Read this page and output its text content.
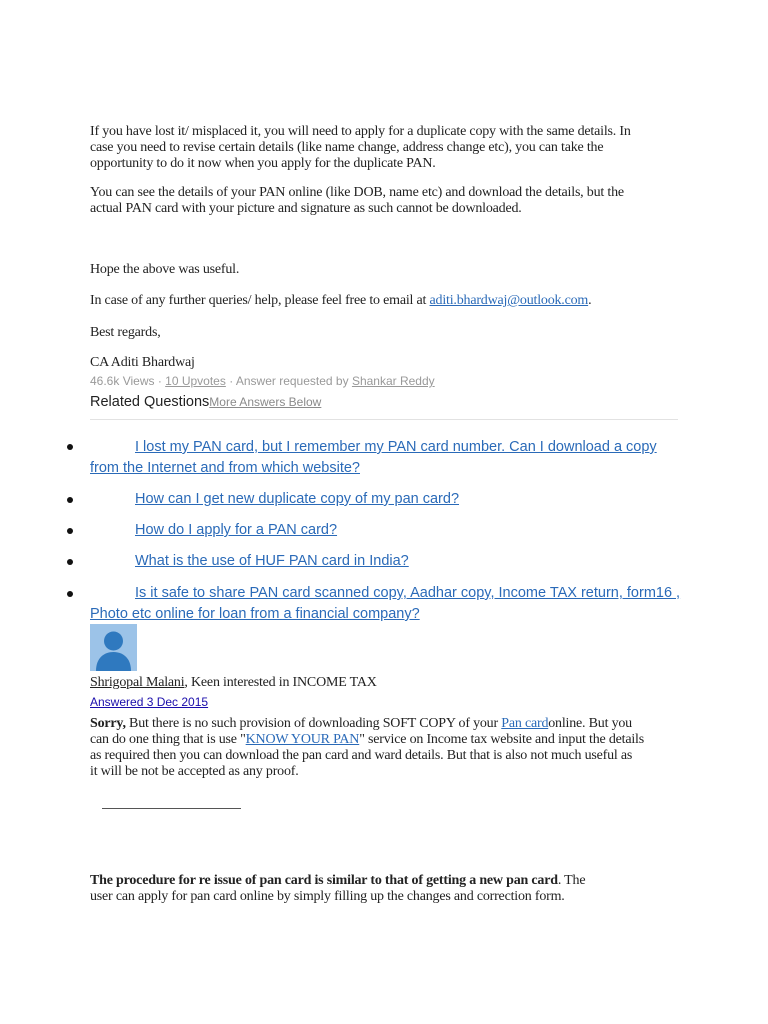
If you have lost it/ misplaced it, you will need to apply for a duplicate copy with the same details. In
case you need to revise certain details (like name change, address change etc), you can take the
opportunity to do it now when you apply for the duplicate PAN.
You can see the details of your PAN online (like DOB, name etc) and download the details, but the
actual PAN card with your picture and signature as such cannot be downloaded.
Hope the above was useful.
In case of any further queries/ help, please feel free to email at aditi.bhardwaj@outlook.com.
Best regards,
CA Aditi Bhardwaj
46.6k Views · 10 Upvotes · Answer requested by Shankar Reddy
Related QuestionsMore Answers Below
I lost my PAN card, but I remember my PAN card number. Can I download a copy
from the Internet and from which website?
How can I get new duplicate copy of my pan card?
How do I apply for a PAN card?
What is the use of HUF PAN card in India?
Is it safe to share PAN card scanned copy, Aadhar copy, Income TAX return, form16 ,
Photo etc online for loan from a financial company?
Shrigopal Malani, Keen interested in INCOME TAX
Answered 3 Dec 2015
Sorry, But there is no such provision of downloading SOFT COPY of your Pan cardonline. But you
can do one thing that is use "KNOW YOUR PAN" service on Income tax website and input the details
as required then you can download the pan card and ward details. But that is also not much useful as
it will be not be accepted as any proof.
The procedure for re issue of pan card is similar to that of getting a new pan card. The
user can apply for pan card online by simply filling up the changes and correction form.
